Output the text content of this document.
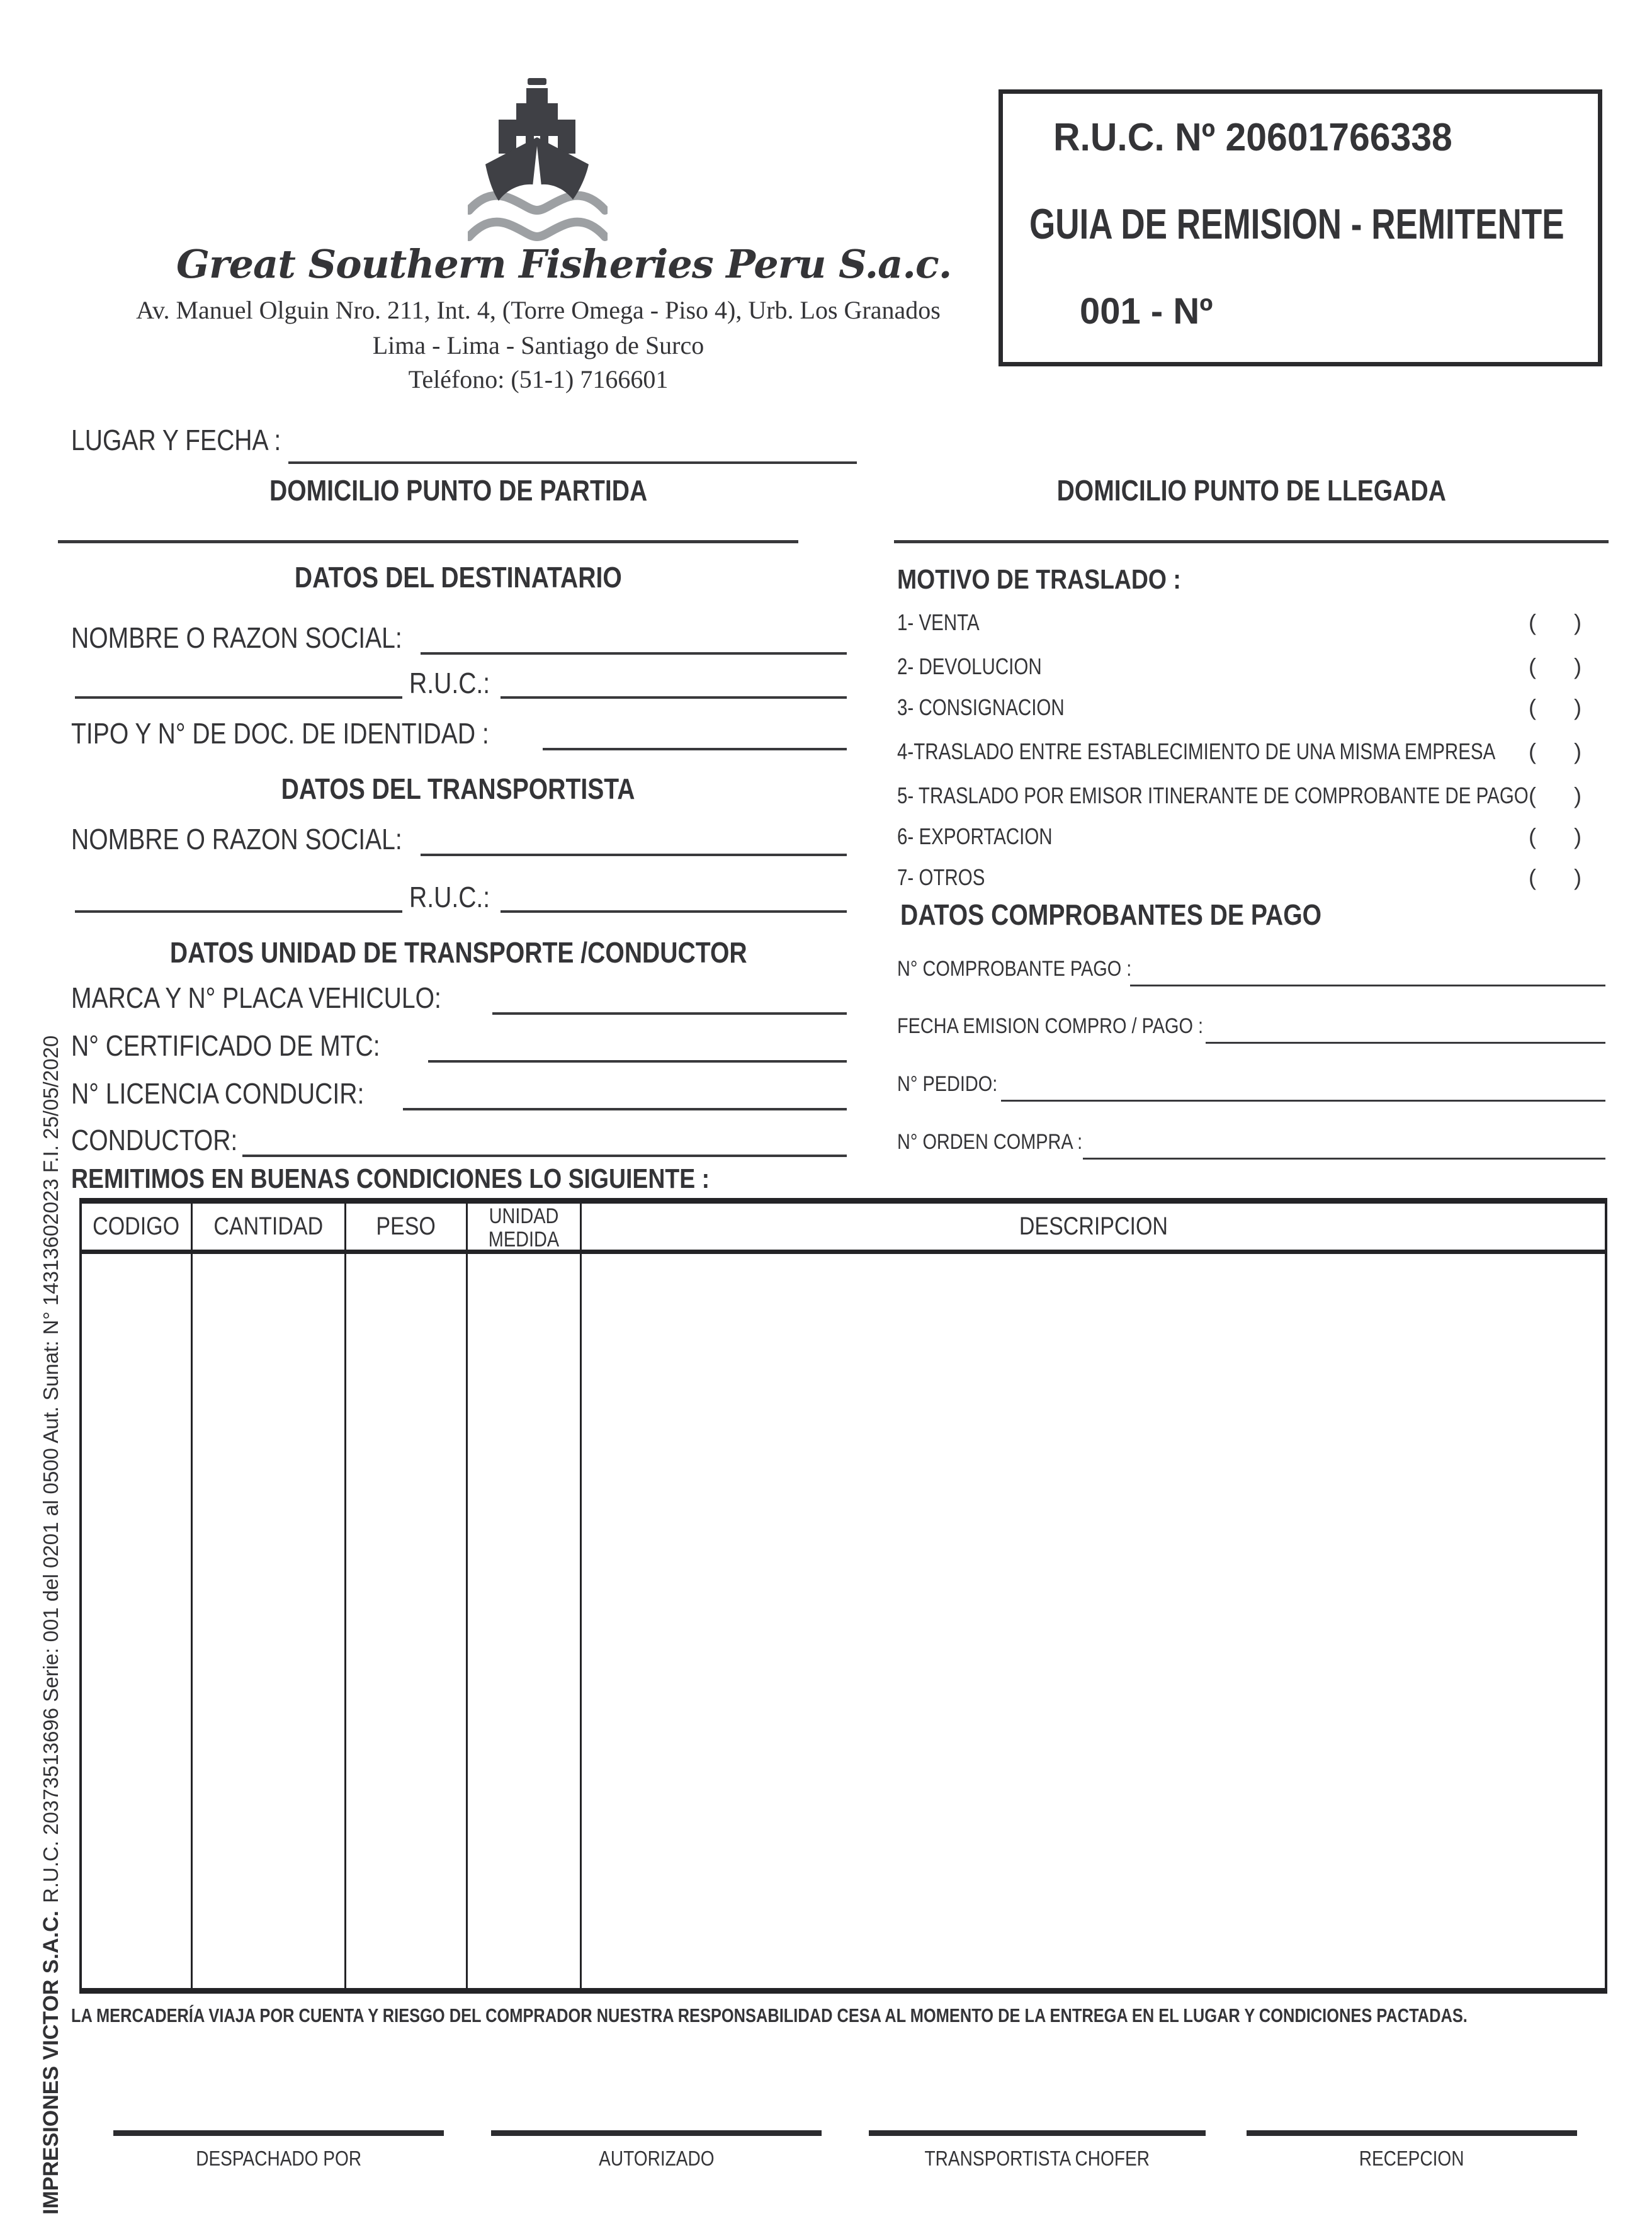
Great Southern Fisheries Peru S.a.c.
Av. Manuel Olguin Nro. 211, Int. 4, (Torre Omega - Piso 4), Urb. Los Granados
Lima - Lima - Santiago de Surco
Teléfono: (51-1) 7166601
R.U.C. Nº 20601766338
GUIA DE REMISION - REMITENTE
001 - Nº
LUGAR Y FECHA :
DOMICILIO PUNTO DE PARTIDA
DATOS DEL DESTINATARIO
NOMBRE O RAZON SOCIAL:
R.U.C.:
TIPO Y N° DE DOC. DE IDENTIDAD :
DATOS DEL TRANSPORTISTA
NOMBRE O RAZON SOCIAL:
R.U.C.:
DATOS UNIDAD DE TRANSPORTE /CONDUCTOR
MARCA Y N° PLACA VEHICULO:
N° CERTIFICADO DE MTC:
N° LICENCIA CONDUCIR:
CONDUCTOR:
REMITIMOS EN BUENAS CONDICIONES LO SIGUIENTE :
DOMICILIO PUNTO DE LLEGADA
MOTIVO DE TRASLADO :
1- VENTA	(      )
2- DEVOLUCION	(      )
3- CONSIGNACION	(      )
4-TRASLADO ENTRE ESTABLECIMIENTO DE UNA MISMA EMPRESA	(      )
5- TRASLADO POR EMISOR ITINERANTE DE COMPROBANTE DE PAGO (      )
6- EXPORTACION	(      )
7- OTROS	(      )
DATOS COMPROBANTES DE PAGO
N° COMPROBANTE PAGO :
FECHA EMISION COMPRO / PAGO :
N° PEDIDO:
N° ORDEN COMPRA :
CODIGO	CANTIDAD	PESO	UNIDAD MEDIDA	DESCRIPCION
LA MERCADERÍA VIAJA POR CUENTA Y RIESGO DEL COMPRADOR NUESTRA RESPONSABILIDAD CESA AL MOMENTO DE LA ENTREGA EN EL LUGAR Y CONDICIONES PACTADAS.
DESPACHADO POR	AUTORIZADO	TRANSPORTISTA CHOFER	RECEPCION
IMPRESIONES VICTOR S.A.C.R.U.C. 20373513696 Serie: 001 del 0201 al 0500 Aut. Sunat: N° 14313602023 F.I. 25/05/2020
